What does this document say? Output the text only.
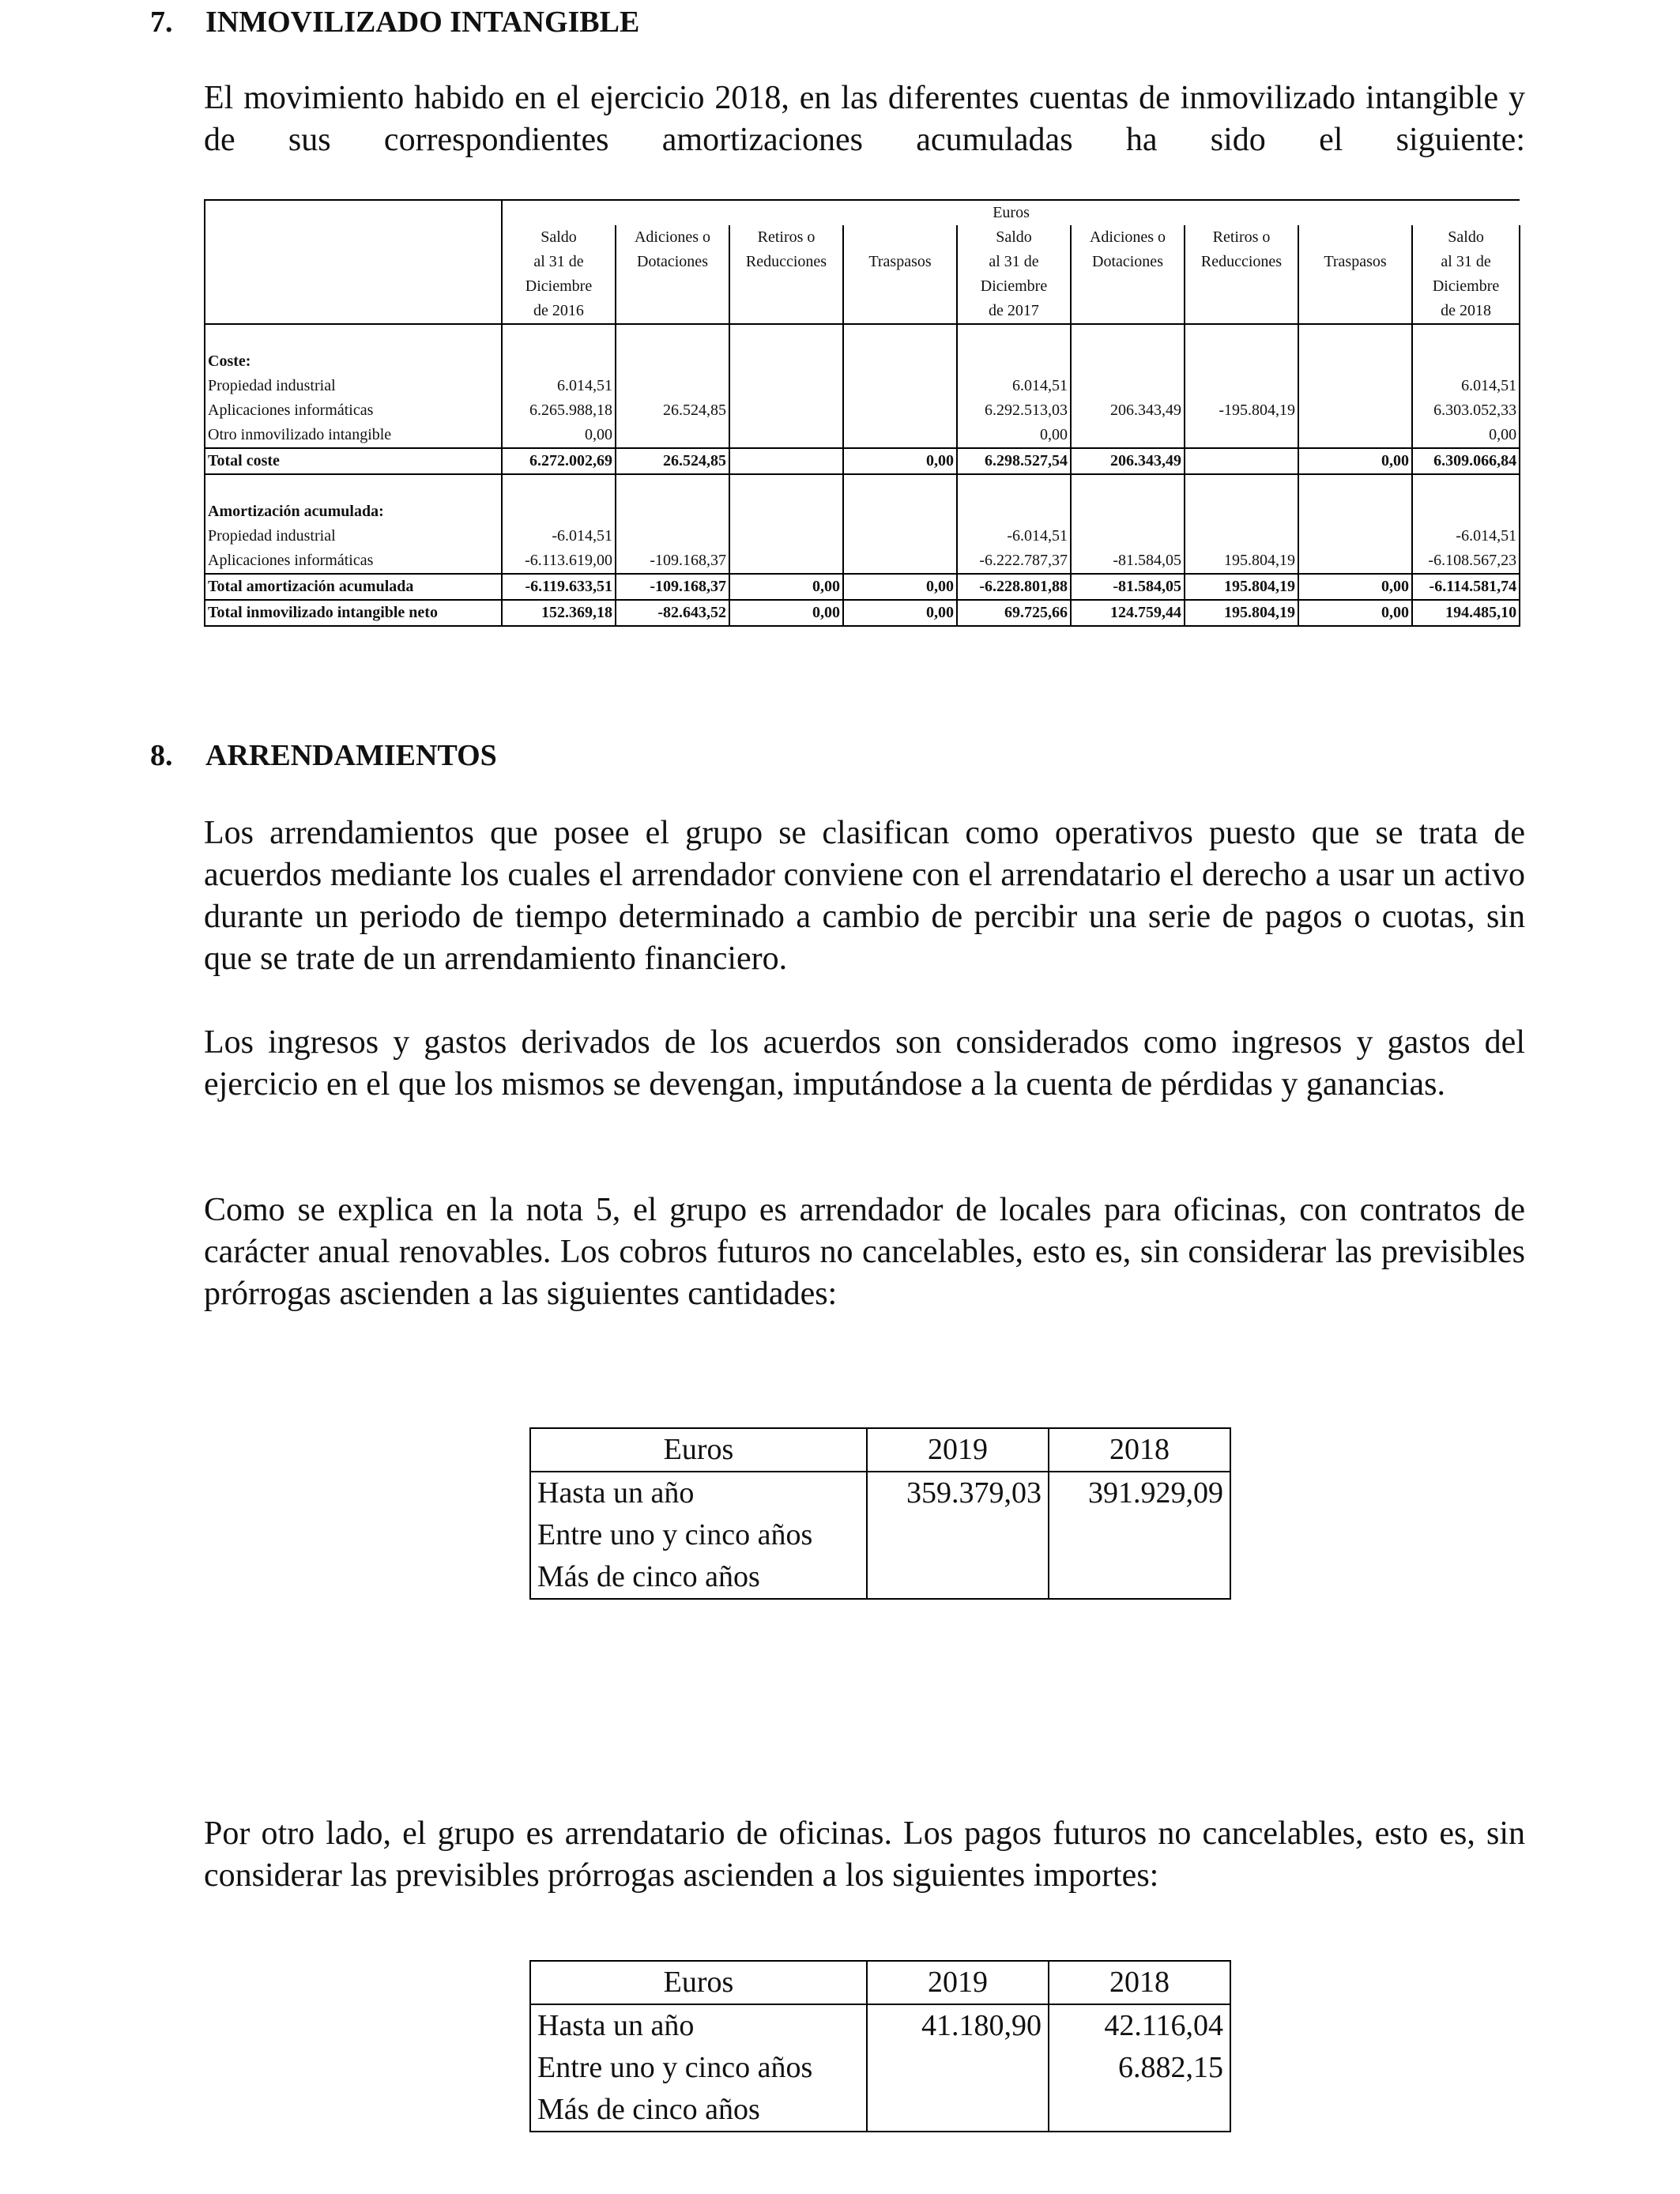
7. INMOVILIZADO INTANGIBLE

El movimiento habido en el ejercicio 2018, en las diferentes cuentas de inmovilizado intangible y de sus correspondientes amortizaciones acumuladas ha sido el siguiente:

	Euros								
	Saldo	Adiciones o	Retiros o		Saldo	Adiciones o	Retiros o		Saldo
	al 31 de	Dotaciones	Reducciones	Traspasos	al 31 de	Dotaciones	Reducciones	Traspasos	al 31 de
	Diciembre				Diciembre				Diciembre
	de 2016				de 2017				de 2018

Coste:									
Propiedad industrial	6.014,51				6.014,51				6.014,51
Aplicaciones informáticas	6.265.988,18	26.524,85			6.292.513,03	206.343,49	-195.804,19		6.303.052,33
Otro inmovilizado intangible	0,00				0,00				0,00
Total coste	6.272.002,69	26.524,85		0,00	6.298.527,54	206.343,49		0,00	6.309.066,84

Amortización acumulada:									
Propiedad industrial	-6.014,51				-6.014,51				-6.014,51
Aplicaciones informáticas	-6.113.619,00	-109.168,37			-6.222.787,37	-81.584,05	195.804,19		-6.108.567,23
Total amortización acumulada	-6.119.633,51	-109.168,37	0,00	0,00	-6.228.801,88	-81.584,05	195.804,19	0,00	-6.114.581,74
Total inmovilizado intangible neto	152.369,18	-82.643,52	0,00	0,00	69.725,66	124.759,44	195.804,19	0,00	194.485,10
8. ARRENDAMIENTOS

Los arrendamientos que posee el grupo se clasifican como operativos puesto que se trata de acuerdos mediante los cuales el arrendador conviene con el arrendatario el derecho a usar un activo durante un periodo de tiempo determinado a cambio de percibir una serie de pagos o cuotas, sin que se trate de un arrendamiento financiero.

Los ingresos y gastos derivados de los acuerdos son considerados como ingresos y gastos del ejercicio en el que los mismos se devengan, imputándose a la cuenta de pérdidas y ganancias.

Como se explica en la nota 5, el grupo es arrendador de locales para oficinas, con contratos de carácter anual renovables. Los cobros futuros no cancelables, esto es, sin considerar las previsibles prórrogas ascienden a las siguientes cantidades:

Euros	2019	2018
Hasta un año	359.379,03	391.929,09
Entre uno y cinco años		
Más de cinco años		

Por otro lado, el grupo es arrendatario de oficinas. Los pagos futuros no cancelables, esto es, sin considerar las previsibles prórrogas ascienden a los siguientes importes:

Euros	2019	2018
Hasta un año	41.180,90	42.116,04
Entre uno y cinco años		6.882,15
Más de cinco años		
